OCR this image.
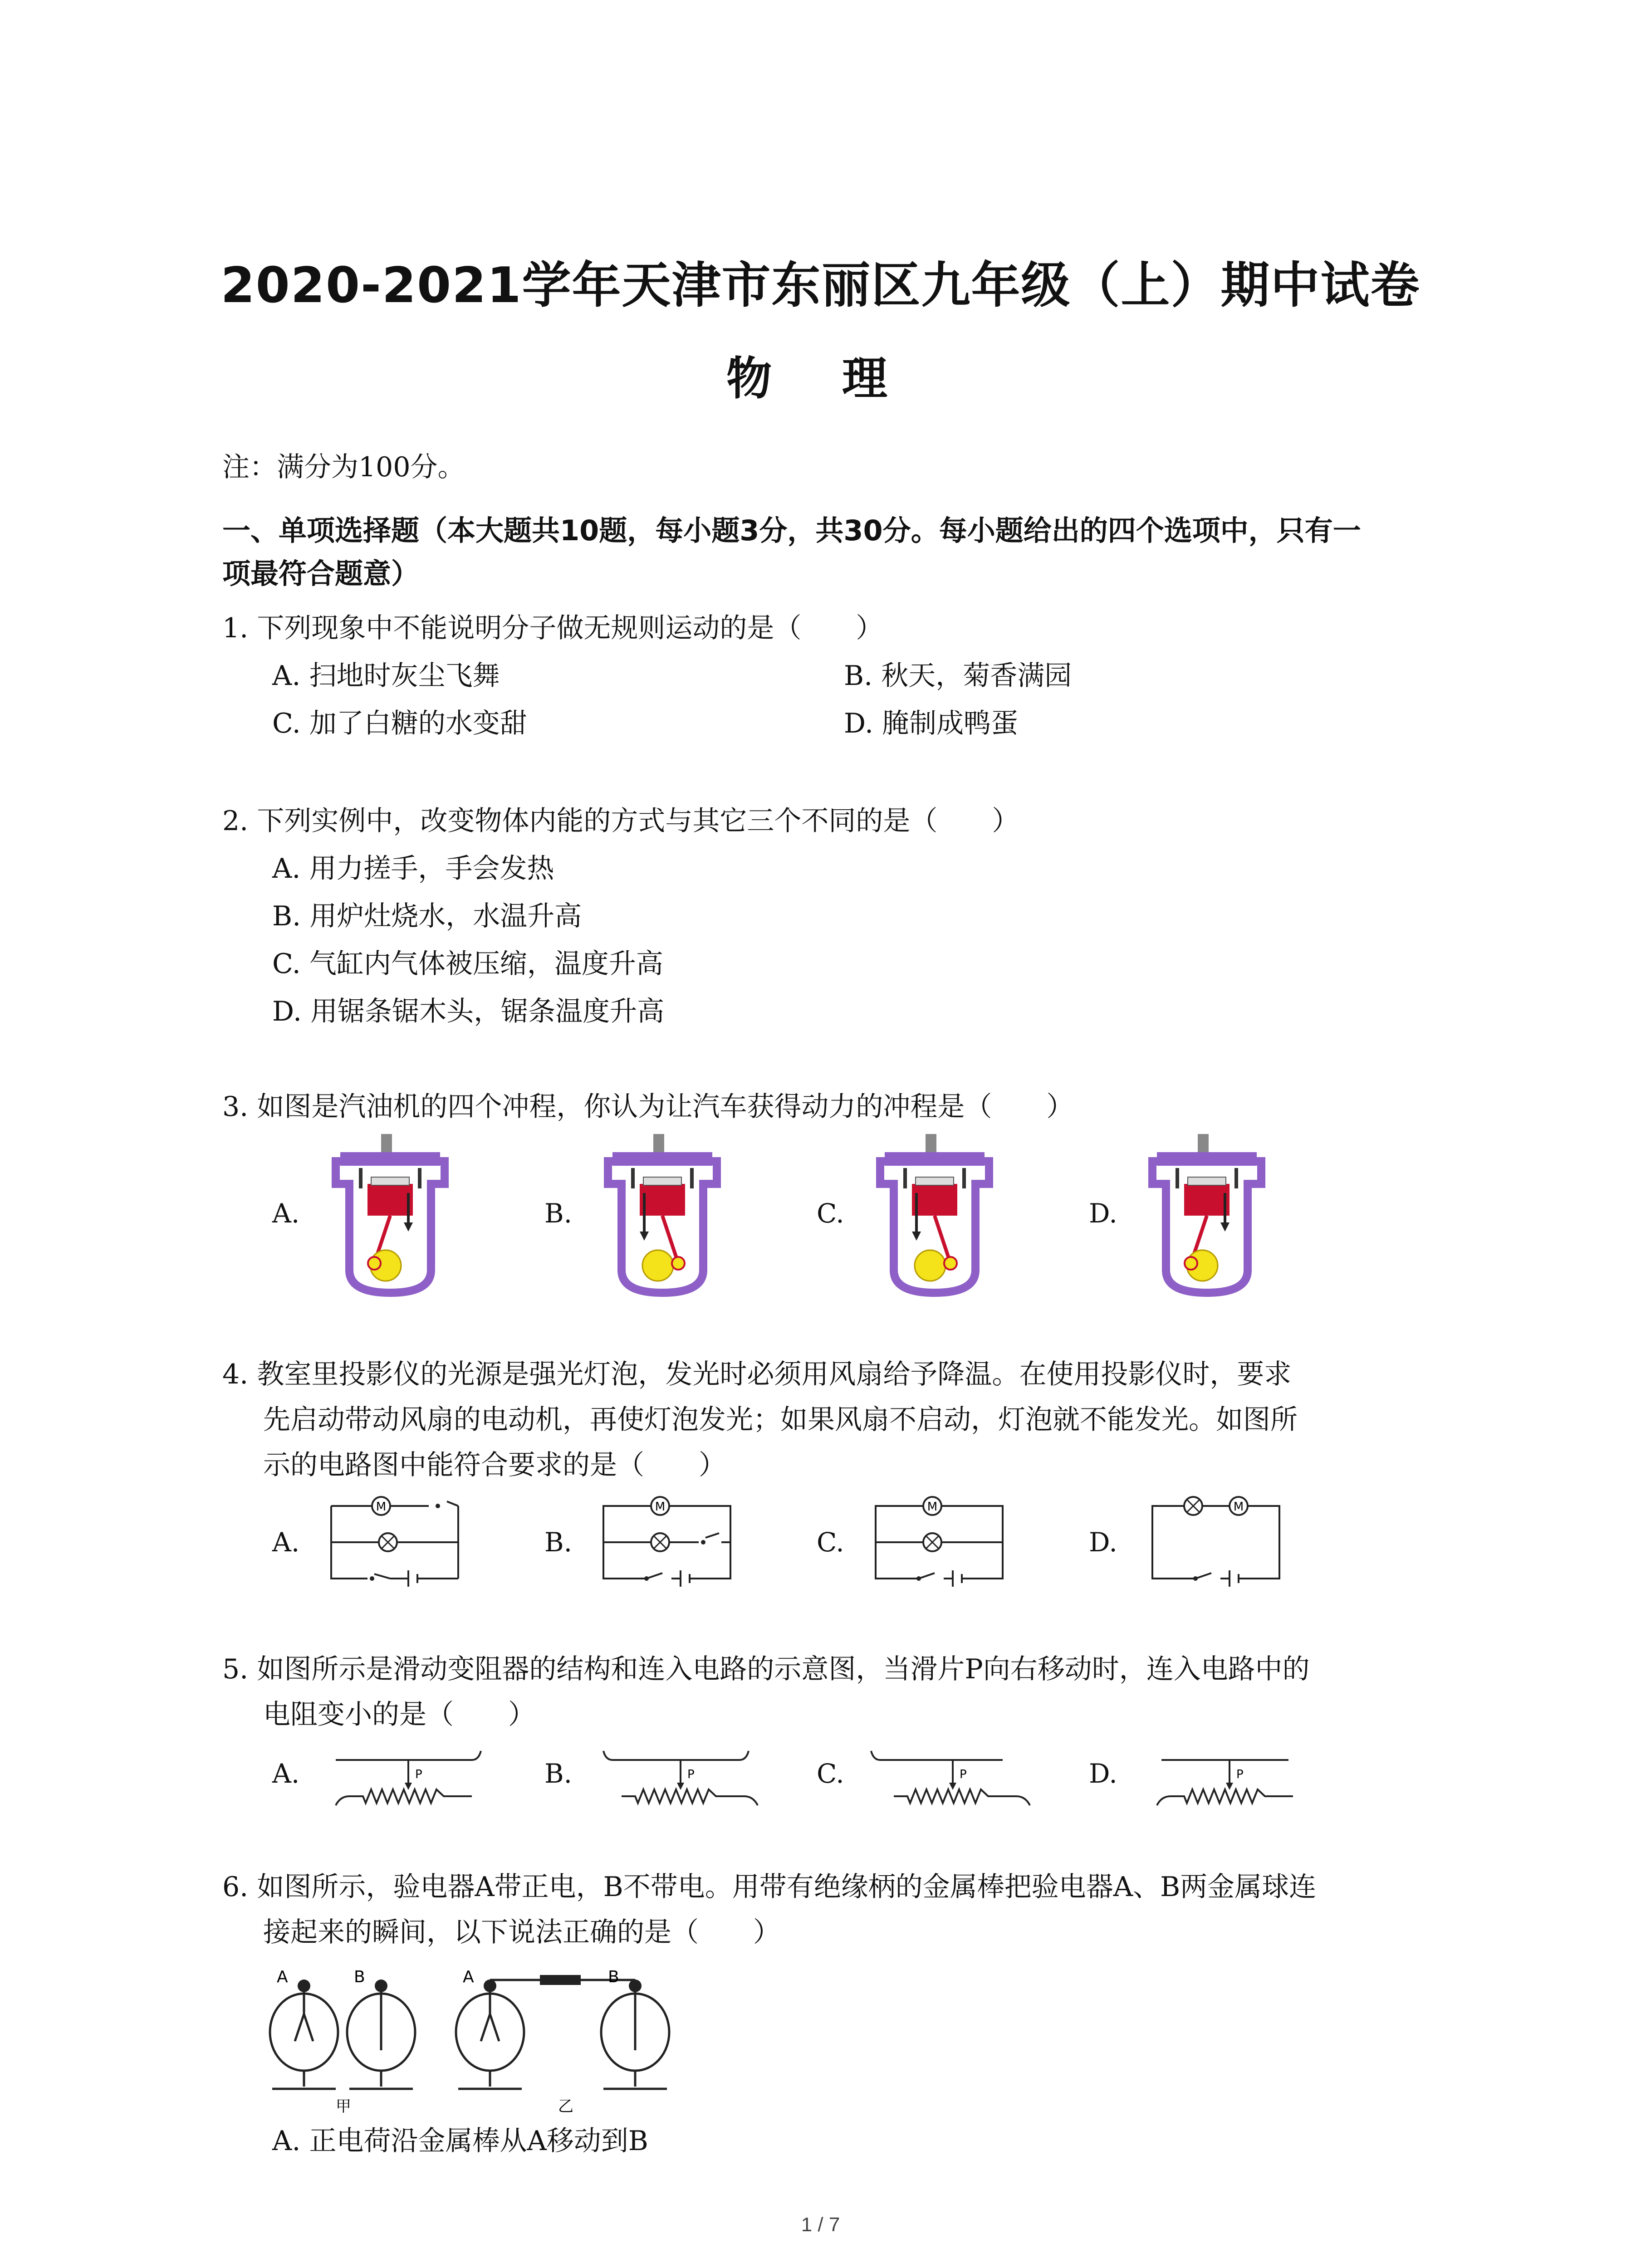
2020-2021学年天津市东丽区九年级（上）期中试卷
物 理
注：满分为100分。
一、单项选择题（本大题共10题，每小题3分，共30分。每小题给出的四个选项中，只有一
项最符合题意）
1. 下列现象中不能说明分子做无规则运动的是（　　）
A. 扫地时灰尘飞舞	B. 秋天，菊香满园
C. 加了白糖的水变甜	D. 腌制成鸭蛋
2. 下列实例中，改变物体内能的方式与其它三个不同的是（　　）
A. 用力搓手，手会发热
B. 用炉灶烧水，水温升高
C. 气缸内气体被压缩，温度升高
D. 用锯条锯木头，锯条温度升高
3. 如图是汽油机的四个冲程，你认为让汽车获得动力的冲程是（　　）
A.	B.	C.	D.
4. 教室里投影仪的光源是强光灯泡，发光时必须用风扇给予降温。在使用投影仪时，要求
先启动带动风扇的电动机，再使灯泡发光；如果风扇不启动，灯泡就不能发光。如图所
示的电路图中能符合要求的是（　　）
A.	B.	C.	D.
M	M	M	M
5. 如图所示是滑动变阻器的结构和连入电路的示意图，当滑片P向右移动时，连入电路中的
电阻变小的是（　　）
A.	B.	C.	D.
P	P	P	P
6. 如图所示，验电器A带正电，B不带电。用带有绝缘柄的金属棒把验电器A、B两金属球连
接起来的瞬间，以下说法正确的是（　　）
A	B	A	B
甲	乙
A. 正电荷沿金属棒从A移动到B
1 / 7
